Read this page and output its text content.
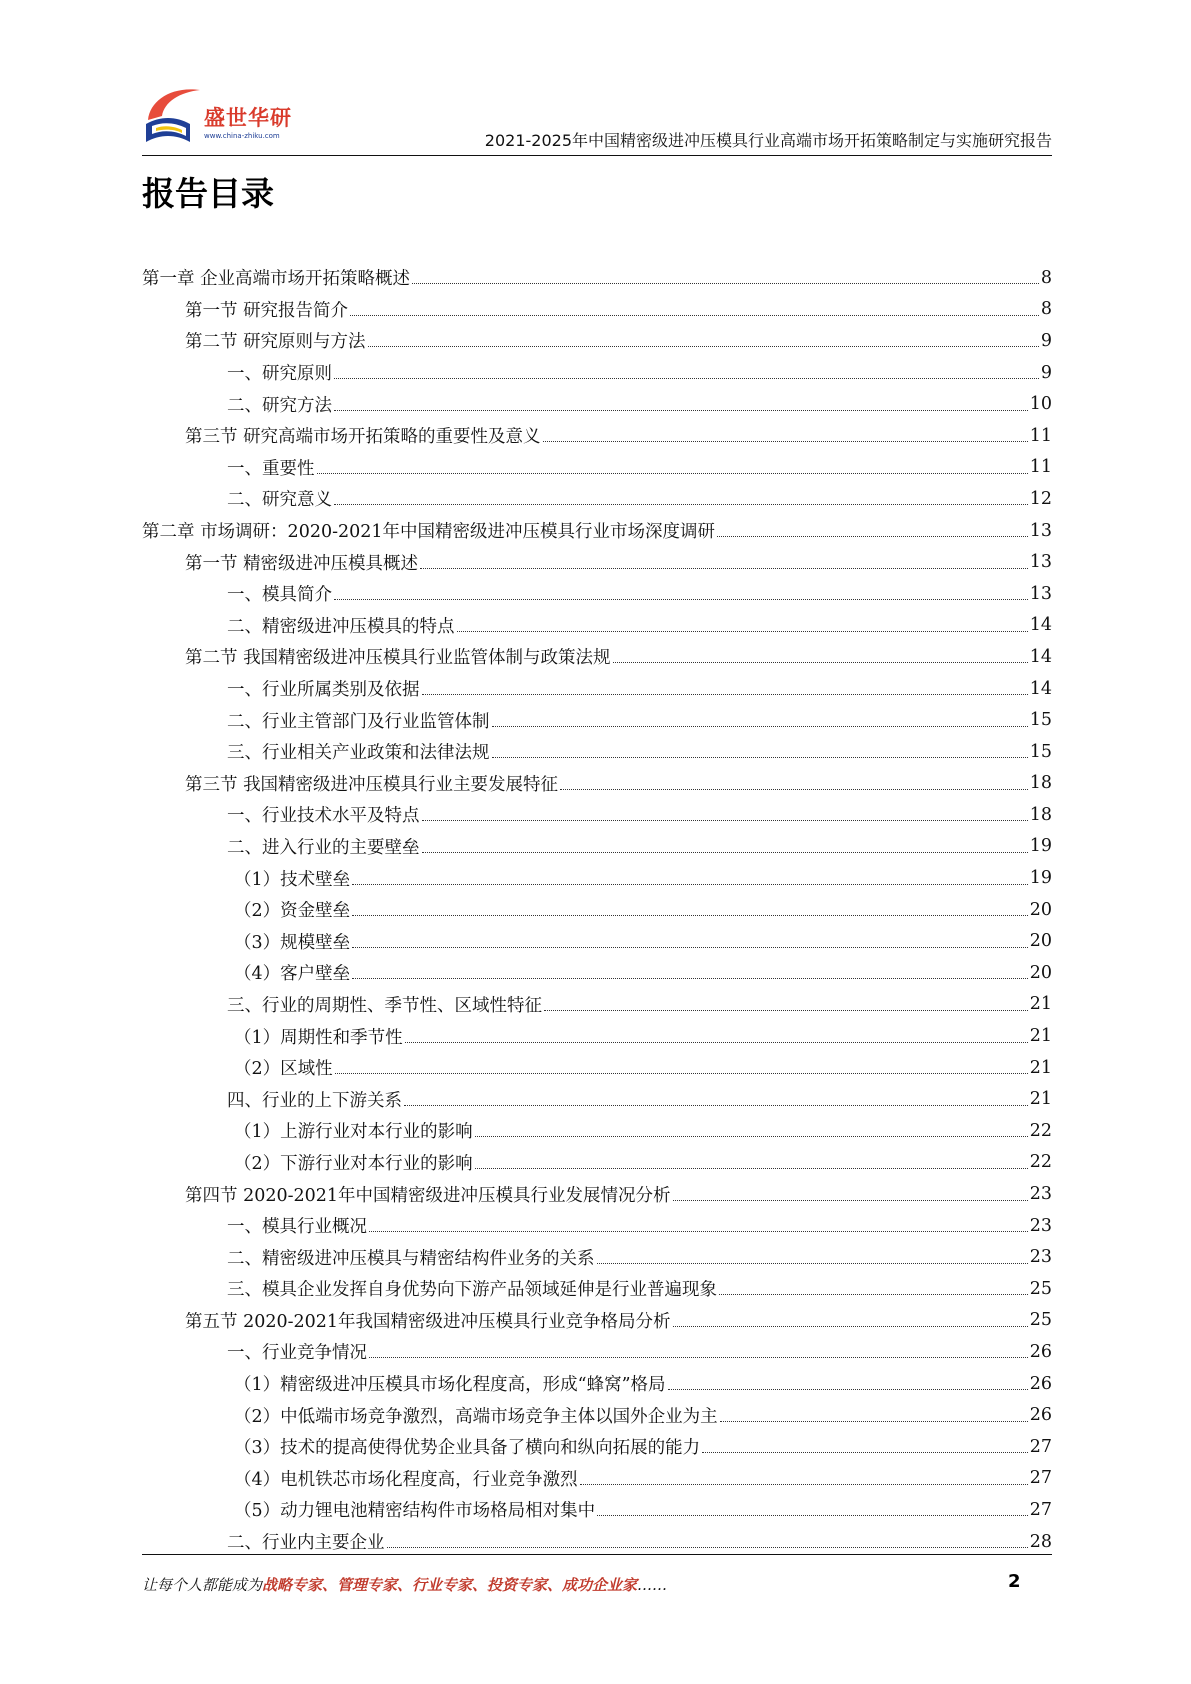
盛世华研
www.china-zhiku.com	2021-2025年中国精密级进冲压模具行业高端市场开拓策略制定与实施研究报告
报告目录
第一章 企业高端市场开拓策略概述	8
第一节 研究报告简介	8
第二节 研究原则与方法	9
一、研究原则	9
二、研究方法	10
第三节 研究高端市场开拓策略的重要性及意义	11
一、重要性	11
二、研究意义	12
第二章 市场调研：2020-2021年中国精密级进冲压模具行业市场深度调研	13
第一节 精密级进冲压模具概述	13
一、模具简介	13
二、精密级进冲压模具的特点	14
第二节 我国精密级进冲压模具行业监管体制与政策法规	14
一、行业所属类别及依据	14
二、行业主管部门及行业监管体制	15
三、行业相关产业政策和法律法规	15
第三节 我国精密级进冲压模具行业主要发展特征	18
一、行业技术水平及特点	18
二、进入行业的主要壁垒	19
（1）技术壁垒	19
（2）资金壁垒	20
（3）规模壁垒	20
（4）客户壁垒	20
三、行业的周期性、季节性、区域性特征	21
（1）周期性和季节性	21
（2）区域性	21
四、行业的上下游关系	21
（1）上游行业对本行业的影响	22
（2）下游行业对本行业的影响	22
第四节 2020-2021年中国精密级进冲压模具行业发展情况分析	23
一、模具行业概况	23
二、精密级进冲压模具与精密结构件业务的关系	23
三、模具企业发挥自身优势向下游产品领域延伸是行业普遍现象	25
第五节 2020-2021年我国精密级进冲压模具行业竞争格局分析	25
一、行业竞争情况	26
（1）精密级进冲压模具市场化程度高，形成“蜂窝”格局	26
（2）中低端市场竞争激烈，高端市场竞争主体以国外企业为主	26
（3）技术的提高使得优势企业具备了横向和纵向拓展的能力	27
（4）电机铁芯市场化程度高，行业竞争激烈	27
（5）动力锂电池精密结构件市场格局相对集中	27
二、行业内主要企业	28
让每个人都能成为战略专家、管理专家、行业专家、投资专家、成功企业家……	2
